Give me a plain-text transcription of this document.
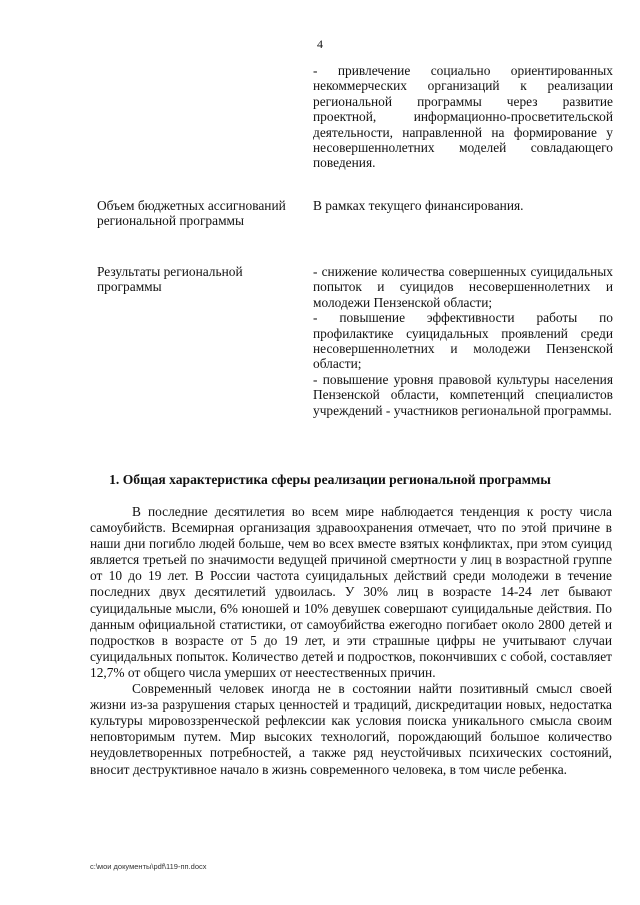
4

- привлечение социально ориентированных некоммерческих организаций к реализации региональной программы через развитие проектной, информационно-просветительской деятельности, направленной на формирование у несовершеннолетних моделей совладающего поведения.

Объем бюджетных ассигнований региональной программы

В рамках текущего финансирования.

Результаты региональной программы

- снижение количества совершенных суицидальных попыток и суицидов несовершеннолетних и молодежи Пензенской области;

- повышение эффективности работы по профилактике суицидальных проявлений среди несовершеннолетних и молодежи Пензенской области;

- повышение уровня правовой культуры населения Пензенской области, компетенций специалистов учреждений - участников региональной программы.

1. Общая характеристика сферы реализации региональной программы

В последние десятилетия во всем мире наблюдается тенденция к росту числа самоубийств. Всемирная организация здравоохранения отмечает, что по этой причине в наши дни погибло людей больше, чем во всех вместе взятых конфликтах, при этом суицид является третьей по значимости ведущей причиной смертности у лиц в возрастной группе от 10 до 19 лет. В России частота суицидальных действий среди молодежи в течение последних двух десятилетий удвоилась. У 30% лиц в возрасте 14-24 лет бывают суицидальные мысли, 6% юношей и 10% девушек совершают суицидальные действия. По данным официальной статистики, от самоубийства ежегодно погибает около 2800 детей и подростков в возрасте от 5 до 19 лет, и эти страшные цифры не учитывают случаи суицидальных попыток. Количество детей и подростков, покончивших с собой, составляет 12,7% от общего числа умерших от неестественных причин.

Современный человек иногда не в состоянии найти позитивный смысл своей жизни из-за разрушения старых ценностей и традиций, дискредитации новых, недостатка культуры мировоззренческой рефлексии как условия поиска уникального смысла своим неповторимым путем. Мир высоких технологий, порождающий большое количество неудовлетворенных потребностей, а также ряд неустойчивых психических состояний, вносит деструктивное начало в жизнь современного человека, в том числе ребенка.

c:\мои документы\pdf\119-пп.docx
